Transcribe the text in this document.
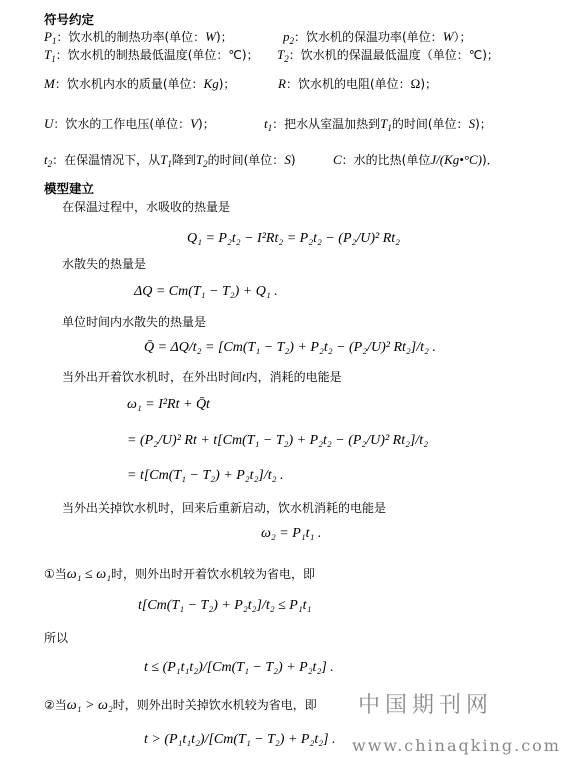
符号约定
$P_1$：饮水机的制热功率(单位：W)；	$p_2$：饮水机的保温功率(单位：W）；
$T_1$：饮水机的制热最低温度(单位：℃)； $T_2$：饮水机的保温最低温度（单位：℃)；
M：饮水机内水的质量(单位：Kg)；	R：饮水机的电阻(单位：Ω)；
U：饮水的工作电压(单位：V)；	$t_1$：把水从室温加热到$T_1$的时间(单位：S)；
$t_2$：在保温情况下，从$T_1$降到$T_2$的时间(单位：S)	C：水的比热(单位J/(Kg•°C))．
模型建立
在保温过程中，水吸收的热量是
Q₁ = P₂t₂ − I²Rt₂ = P₂t₂ − (P₂/U)² Rt₂
水散失的热量是
ΔQ = Cm(T₁ − T₂) + Q₁ .
单位时间内水散失的热量是
Q̄ = ΔQ/t₂ = [Cm(T₁ − T₂) + P₂t₂ − (P₂/U)² Rt₂]/t₂ .
当外出开着饮水机时，在外出时间t内，消耗的电能是
ω₁ = I²Rt + Q̄t
= (P₂/U)² Rt + t[Cm(T₁ − T₂) + P₂t₂ − (P₂/U)² Rt₂]/t₂
= t[Cm(T₁ − T₂) + P₂t₂]/t₂ .
当外出关掉饮水机时，回来后重新启动，饮水机消耗的电能是
ω₂ = P₁t₁ .
①当ω₁ ≤ ω₁时，则外出时开着饮水机较为省电，即
t[Cm(T₁ − T₂) + P₂t₂]/t₂ ≤ P₁t₁
所以
t ≤ (P₁t₁t₂)/[Cm(T₁ − T₂) + P₂t₂] .
②当ω₁ > ω₂时，则外出时关掉饮水机较为省电，即
t > (P₁t₁t₂)/[Cm(T₁ − T₂) + P₂t₂] .
中国期刊网
www.chinaqking.com
